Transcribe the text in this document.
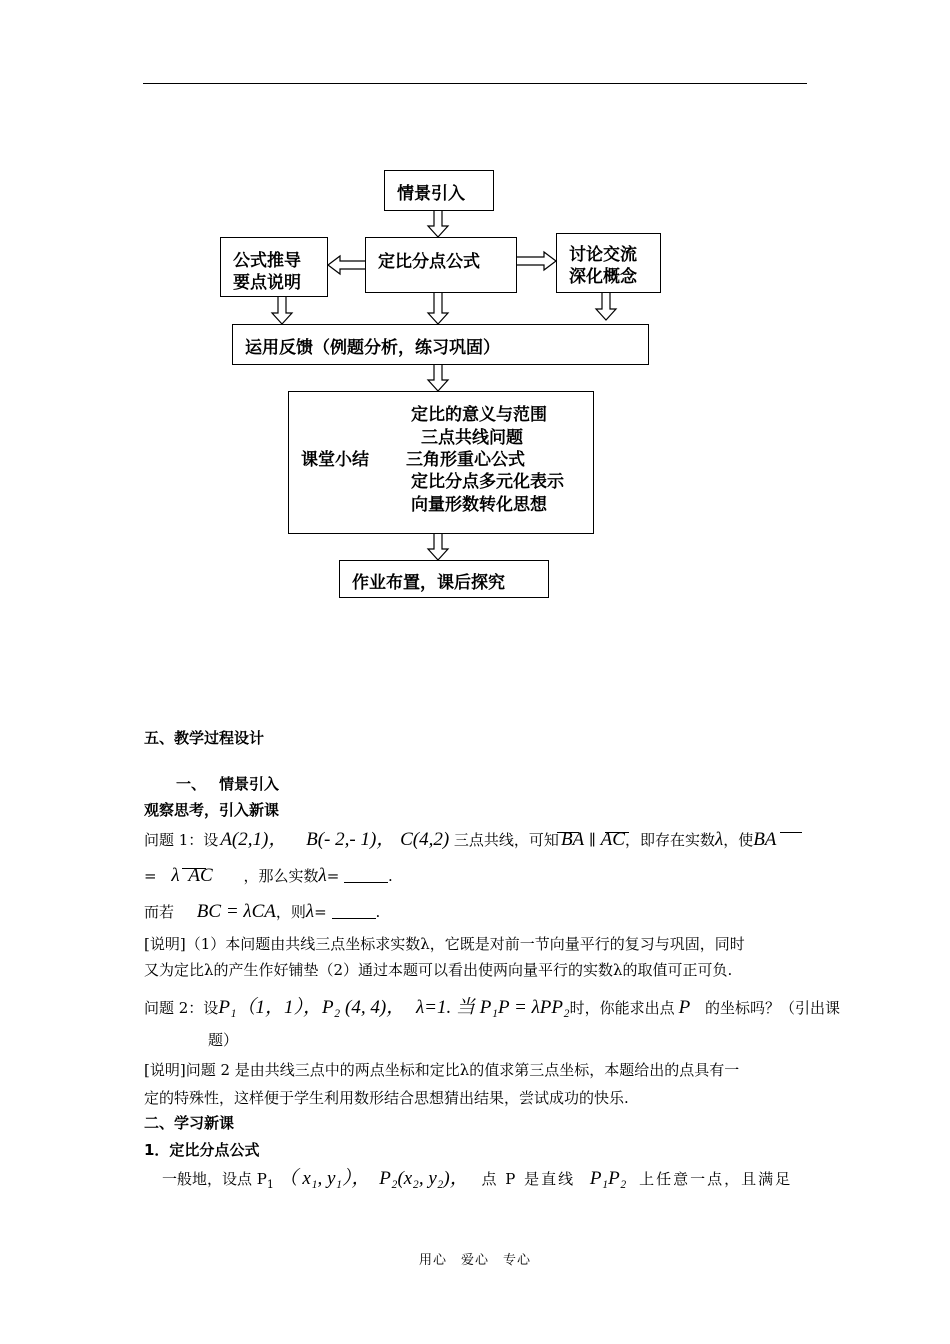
情景引入
定比分点公式
公式推导
要点说明
讨论交流
深化概念
运用反馈（例题分析，练习巩固）
课堂小结
定比的意义与范围
三点共线问题
三角形重心公式
定比分点多元化表示
向量形数转化思想
作业布置，课后探究
五、教学过程设计
一、 情景引入
观察思考，引入新课
问题 1：设 A(2,1)， B(- 2,- 1)， C(4,2) 三点共线，可知 BA ∥ AC，即存在实数λ，使BA
= λ AC ，那么实数λ=	.
而若 BC = λCA，则λ=	.
[说明]（1）本问题由共线三点坐标求实数λ，它既是对前一节向量平行的复习与巩固，同时
又为定比λ的产生作好铺垫（2）通过本题可以看出使两向量平行的实数λ的取值可正可负.
问题 2：设P₁（1，1），P₂ (4, 4)， λ=1. 当 P₁P = λPP₂时，你能求出点 P 的坐标吗？（引出课
题）
[说明]问题 2 是由共线三点中的两点坐标和定比λ的值求第三点坐标，本题给出的点具有一
定的特殊性，这样便于学生利用数形结合思想猜出结果，尝试成功的快乐.
二、学习新课
1．定比分点公式
一般地，设点 $P_1$ （ x₁, y₁）， P₂(x₂, y₂)， 点 P 是直线 P₁P₂ 上任意一点，且满足
用心　爱心　专心
